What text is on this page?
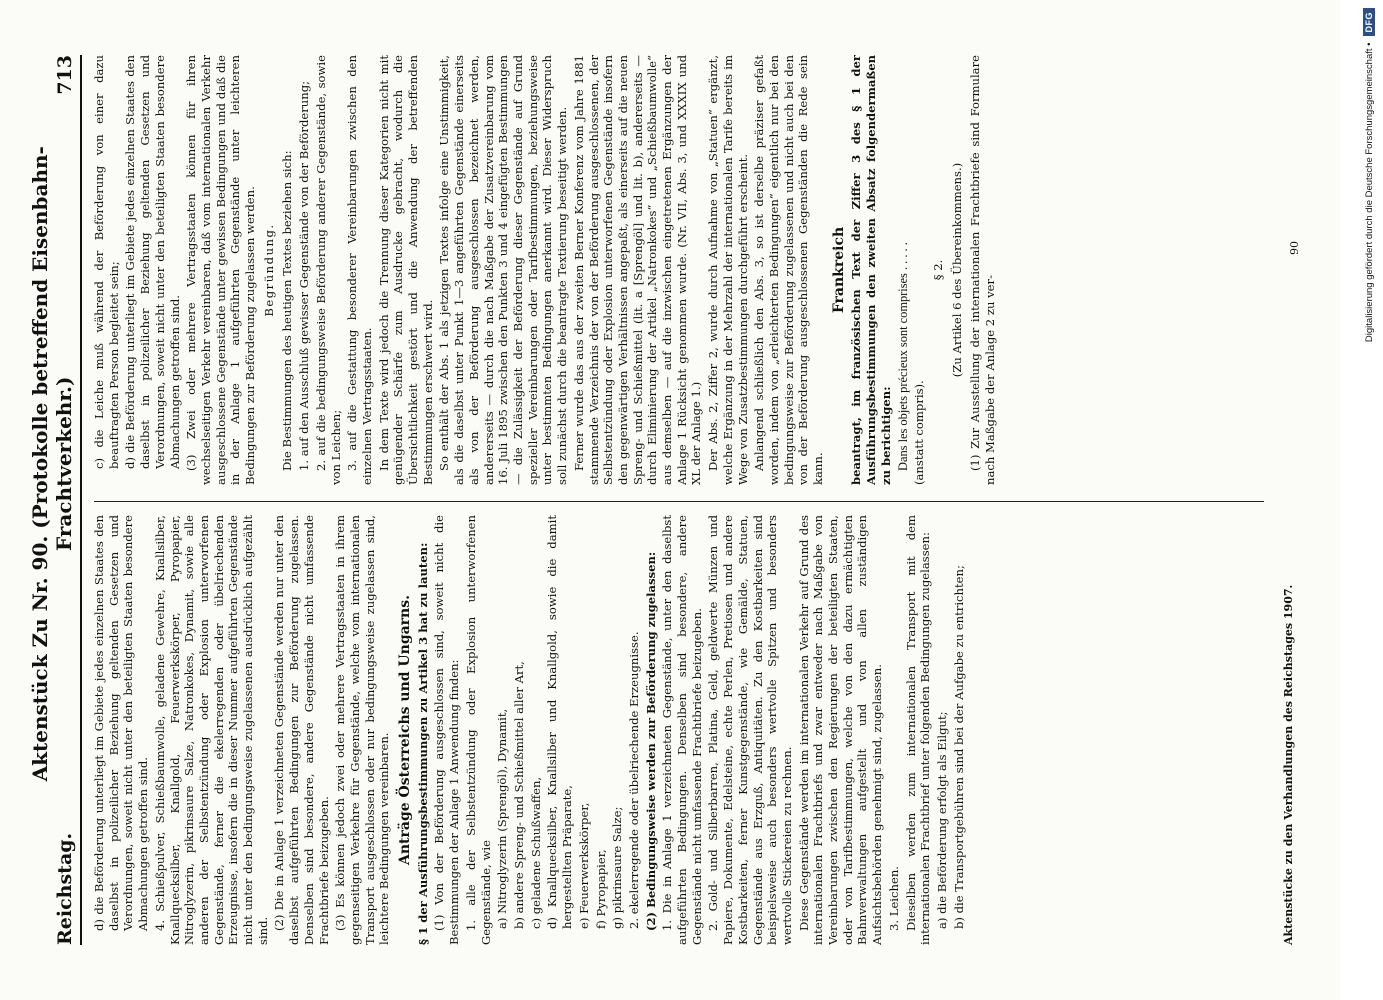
Reichstag.
Aktenstück Zu Nr. 90. (Protokolle betreffend Eisenbahn-Frachtverkehr.)
713

d) die Beförderung unterliegt im Gebiete jedes einzelnen Staates den daselbst in polizeilicher Beziehung geltenden Gesetzen und Verordnungen, soweit nicht unter den beteiligten Staaten besondere Abmachungen getroffen sind. 4. Schießpulver, Schießbaumwolle, geladene Gewehre, Knallsilber, Knallquecksilber, Knallgold, Feuerwerkskörper, Pyropapier, Nitroglyzerin, pikrinsaure Salze, Natronkokes, Dynamit, sowie alle anderen der Selbstentzündung oder Explosion unterworfenen Gegenstände, ferner die ekelerregenden oder übelriechenden Erzeugnisse, insofern die in dieser Nummer aufgeführten Gegenstände nicht unter den bedingungsweise zugelassenen ausdrücklich aufgezählt sind. (2) Die in Anlage 1 verzeichneten Gegenstände werden nur unter den daselbst aufgeführten Bedingungen zur Beförderung zugelassen. Denselben sind besondere, andere Gegenstände nicht umfassende Frachtbriefe beizugeben. (3) Es können jedoch zwei oder mehrere Vertragsstaaten in ihrem gegenseitigen Verkehre für Gegenstände, welche vom internationalen Transport ausgeschlossen oder nur bedingungsweise zugelassen sind, leichtere Bedingungen vereinbaren. Anträge Österreichs und Ungarns. § 1 der Ausführungsbestimmungen zu Artikel 3 hat zu lauten: (1) Von der Beförderung ausgeschlossen sind, soweit nicht die Bestimmungen der Anlage 1 Anwendung finden: 1. alle der Selbstentzündung oder Explosion unterworfenen Gegenstände, wie a) Nitroglyzerin (Sprengöl), Dynamit, b) andere Spreng- und Schießmittel aller Art, c) geladene Schußwaffen, d) Knallquecksilber, Knallsilber und Knallgold, sowie die damit hergestellten Präparate, e) Feuerwerkskörper, f) Pyropapier, g) pikrinsaure Salze; 2. ekelerregende oder übelriechende Erzeugnisse. (2) Bedingungsweise werden zur Beförderung zugelassen: 1. Die in Anlage 1 verzeichneten Gegenstände, unter den daselbst aufgeführten Bedingungen. Denselben sind besondere, andere Gegenstände nicht umfassende Frachtbriefe beizugeben. 2. Gold- und Silberbarren, Platina, Geld, geldwerte Münzen und Papiere, Dokumente, Edelsteine, echte Perlen, Pretiosen und andere Kostbarkeiten, ferner Kunstgegenstände, wie Gemälde, Statuen, Gegenstände aus Erzguß, Antiquitäten. Zu den Kostbarkeiten sind beispielsweise auch besonders wertvolle Spitzen und besonders wertvolle Stickereien zu rechnen. Diese Gegenstände werden im internationalen Verkehr auf Grund des internationalen Frachtbriefs und zwar entweder nach Maßgabe von Vereinbarungen zwischen den Regierungen der beteiligten Staaten, oder von Tarifbestimmungen, welche von den dazu ermächtigten Bahnverwaltungen aufgestellt und von allen zuständigen Aufsichtsbehörden genehmigt sind, zugelassen. 3. Leichen. Dieselben werden zum internationalen Transport mit dem internationalen Frachtbrief unter folgenden Bedingungen zugelassen: a) die Beförderung erfolgt als Eilgut; b) die Transportgebühren sind bei der Aufgabe zu entrichten;

c) die Leiche muß während der Beförderung von einer dazu beauftragten Person begleitet sein; d) die Beförderung unterliegt im Gebiete jedes einzelnen Staates den daselbst in polizeilicher Beziehung geltenden Gesetzen und Verordnungen, soweit nicht unter den beteiligten Staaten besondere Abmachungen getroffen sind. (3) Zwei oder mehrere Vertragsstaaten können für ihren wechselseitigen Verkehr vereinbaren, daß vom internationalen Verkehr ausgeschlossene Gegenstände unter gewissen Bedingungen und daß die in der Anlage 1 aufgeführten Gegenstände unter leichteren Bedingungen zur Beförderung zugelassen werden. Begründung. Die Bestimmungen des heutigen Textes beziehen sich: 1. auf den Ausschluß gewisser Gegenstände von der Beförderung; 2. auf die bedingungsweise Beförderung anderer Gegenstände, sowie von Leichen; 3. auf die Gestattung besonderer Vereinbarungen zwischen den einzelnen Vertragsstaaten. In dem Texte wird jedoch die Trennung dieser Kategorien nicht mit genügender Schärfe zum Ausdrucke gebracht, wodurch die Übersichtlichkeit gestört und die Anwendung der betreffenden Bestimmungen erschwert wird. So enthält der Abs. 1 als jetzigen Textes infolge eine Unstimmigkeit, als die daselbst unter Punkt 1—3 angeführten Gegenstände einerseits als von der Beförderung ausgeschlossen bezeichnet werden, andererseits — durch die nach Maßgabe der Zusatzvereinbarung vom 16. Juli 1895 zwischen den Punkten 3 und 4 eingefügten Bestimmungen — die Zulässigkeit der Beförderung dieser Gegenstände auf Grund spezieller Vereinbarungen oder Tarifbestimmungen, beziehungsweise unter bestimmten Bedingungen anerkannt wird. Dieser Widerspruch soll zunächst durch die beantragte Textierung beseitigt werden. Ferner wurde das aus der zweiten Berner Konferenz vom Jahre 1881 stammende Verzeichnis der von der Beförderung ausgeschlossenen, der Selbstentzündung oder Explosion unterworfenen Gegenstände insofern den gegenwärtigen Verhältnissen angepaßt, als einerseits auf die neuen Spreng- und Schießmittel (lit. a [Sprengöl] und lit. b), andererseits — durch Eliminierung der Artikel „Natronkokes“ und „Schießbaumwolle“ aus demselben — auf die inzwischen eingetretenen Ergänzungen der Anlage 1 Rücksicht genommen wurde. (Nr. VII, Abs. 3, und XXXIX und XL der Anlage 1.) Der Abs. 2, Ziffer 2, wurde durch Aufnahme von „Statuen“ ergänzt, welche Ergänzung in der Mehrzahl der internationalen Tarife bereits im Wege von Zusatzbestimmungen durchgeführt erscheint. Anlangend schließlich den Abs. 3, so ist derselbe präziser gefaßt worden, indem von „erleichterten Bedingungen“ eigentlich nur bei den bedingungsweise zur Beförderung zugelassenen und nicht auch bei den von der Beförderung ausgeschlossenen Gegenständen die Rede sein kann.

Frankreich beantragt, im französischen Text der Ziffer 3 des § 1 der Ausführungsbestimmungen den zweiten Absatz folgendermaßen zu berichtigen: Dans les objets précieux sont comprises . . . . . (anstatt compris).

§ 2. (Zu Artikel 6 des Übereinkommens.) (1) Zur Ausstellung der internationalen Frachtbriefe sind Formulare nach Maßgabe der Anlage 2 zu ver-

Aktenstücke zu den Verhandlungen des Reichstages 1907.
90	Digitalisierung gefördert durch die Deutsche Forschungsgemeinschaft •
DFG
